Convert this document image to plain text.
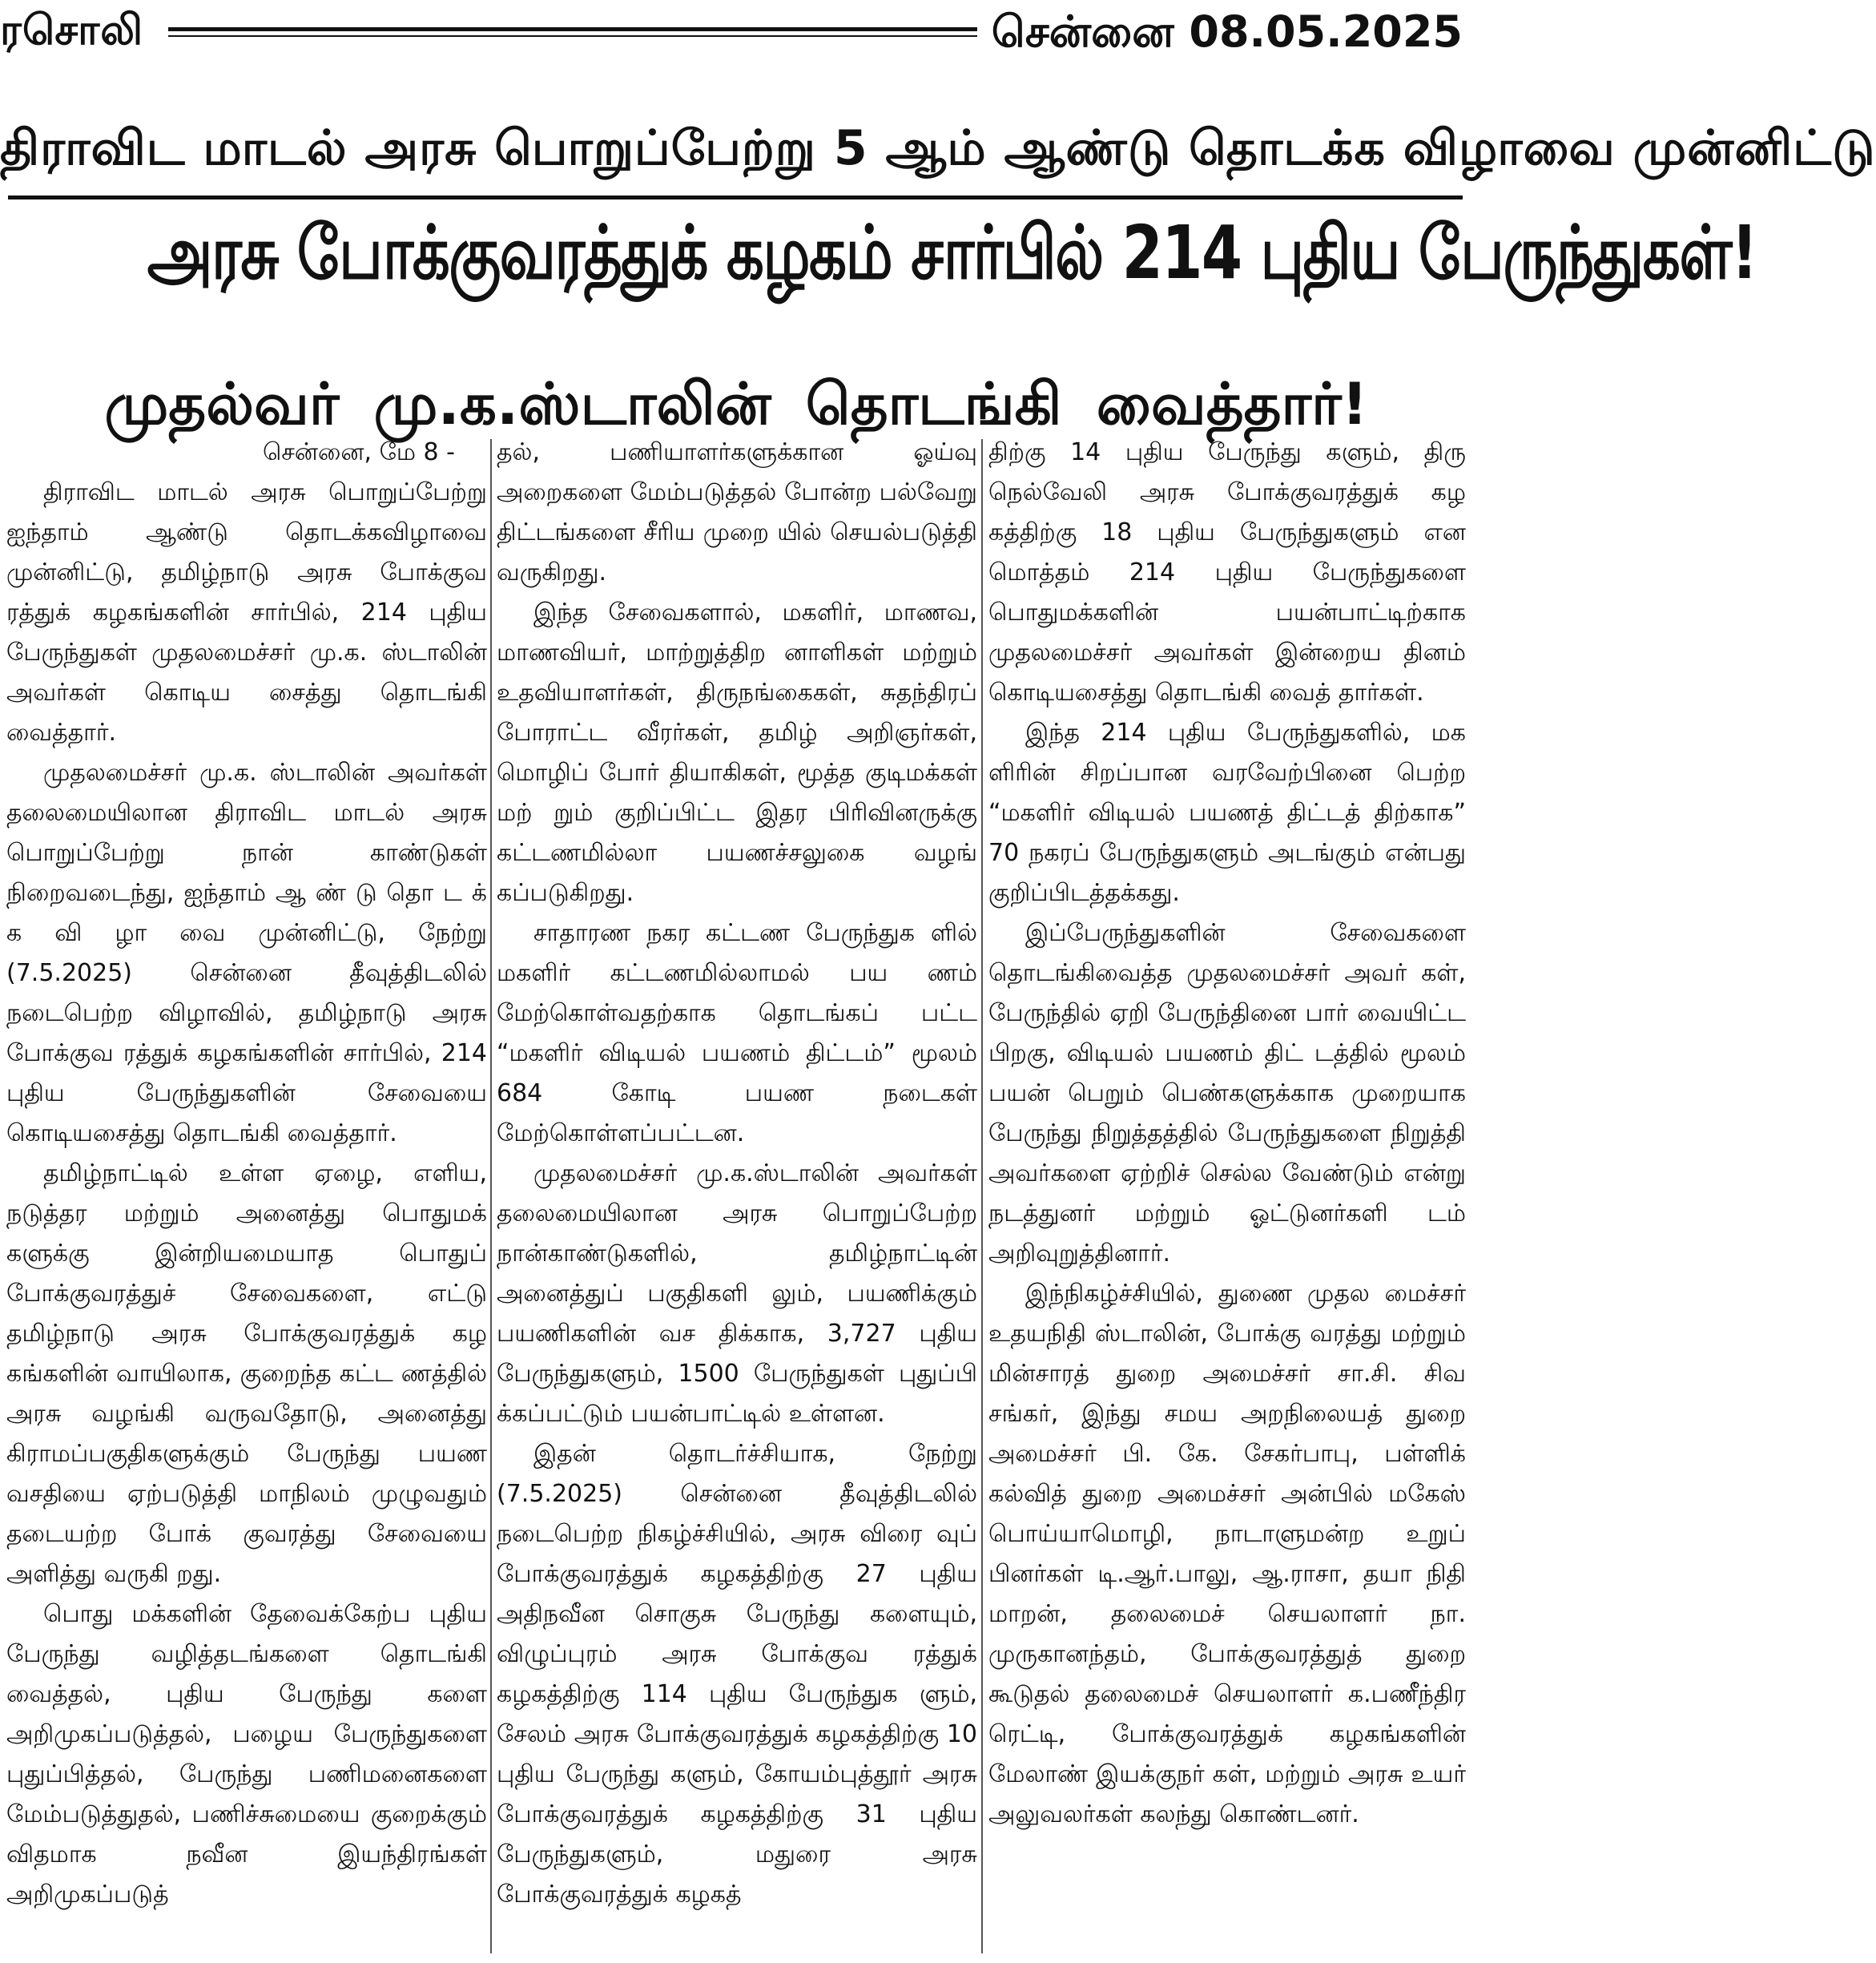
ரசொலி	சென்னை 08.05.2025
திராவிட மாடல் அரசு பொறுப்பேற்று 5 ஆம் ஆண்டு தொடக்க விழாவை முன்னிட்டு
அரசு போக்குவரத்துக் கழகம் சார்பில் 214 புதிய பேருந்துகள்!
முதல்வர் மு.க.ஸ்டாலின் தொடங்கி வைத்தார்!

சென்னை, மே 8 -

திராவிட மாடல் அரசு பொறுப்பேற்று ஐந்தாம் ஆண்டு தொடக்கவிழாவை முன்னிட்டு, தமிழ்நாடு அரசு போக்குவ ரத்துக் கழகங்களின் சார்பில், 214 புதிய பேருந்துகள் முதலமைச்சர் மு.க. ஸ்டாலின் அவர்கள் கொடிய சைத்து தொடங்கி வைத்தார்.

முதலமைச்சர் மு.க. ஸ்டாலின் அவர்கள் தலைமையிலான திராவிட மாடல் அரசு பொறுப்பேற்று நான் காண்டுகள் நிறைவடைந்து, ஐந்தாம் ஆ ண் டு தொ ட க் க வி ழா வை முன்னிட்டு, நேற்று (7.5.2025) சென்னை தீவுத்திடலில் நடைபெற்ற விழாவில், தமிழ்நாடு அரசு போக்குவ ரத்துக் கழகங்களின் சார்பில், 214 புதிய பேருந்துகளின் சேவையை கொடியசைத்து தொடங்கி வைத்தார்.

தமிழ்நாட்டில் உள்ள ஏழை, எளிய, நடுத்தர மற்றும் அனைத்து பொதுமக் களுக்கு இன்றியமையாத பொதுப் போக்குவரத்துச் சேவைகளை, எட்டு தமிழ்நாடு அரசு போக்குவரத்துக் கழ கங்களின் வாயிலாக, குறைந்த கட்ட ணத்தில் அரசு வழங்கி வருவதோடு, அனைத்து கிராமப்பகுதிகளுக்கும் பேருந்து பயண வசதியை ஏற்படுத்தி மாநிலம் முழுவதும் தடையற்ற போக் குவரத்து சேவையை அளித்து வருகி றது.

பொது மக்களின் தேவைக்கேற்ப புதிய பேருந்து வழித்தடங்களை தொடங்கி வைத்தல், புதிய பேருந்து களை அறிமுகப்படுத்தல், பழைய பேருந்துகளை புதுப்பித்தல், பேருந்து பணிமனைகளை மேம்படுத்துதல், பணிச்சுமையை குறைக்கும் விதமாக நவீன இயந்திரங்கள் அறிமுகப்படுத்

தல், பணியாளர்களுக்கான ஓய்வு அறைகளை மேம்படுத்தல் போன்ற பல்வேறு திட்டங்களை சீரிய முறை யில் செயல்படுத்தி வருகிறது.

இந்த சேவைகளால், மகளிர், மாணவ, மாணவியர், மாற்றுத்திற னாளிகள் மற்றும் உதவியாளர்கள், திருநங்கைகள், சுதந்திரப் போராட்ட வீரர்கள், தமிழ் அறிஞர்கள், மொழிப் போர் தியாகிகள், மூத்த குடிமக்கள் மற் றும் குறிப்பிட்ட இதர பிரிவினருக்கு கட்டணமில்லா பயணச்சலுகை வழங் கப்படுகிறது.

சாதாரண நகர கட்டண பேருந்துக ளில் மகளிர் கட்டணமில்லாமல் பய ணம் மேற்கொள்வதற்காக தொடங்கப் பட்ட “மகளிர் விடியல் பயணம் திட்டம்” மூலம் 684 கோடி பயண நடைகள் மேற்கொள்ளப்பட்டன.

முதலமைச்சர் மு.க.ஸ்டாலின் அவர்கள் தலைமையிலான அரசு பொறுப்பேற்ற நான்காண்டுகளில், தமிழ்நாட்டின் அனைத்துப் பகுதிகளி லும், பயணிக்கும் பயணிகளின் வச திக்காக, 3,727 புதிய பேருந்துகளும், 1500 பேருந்துகள் புதுப்பி க்கப்பட்டும் பயன்பாட்டில் உள்ளன.

இதன் தொடர்ச்சியாக, நேற்று (7.5.2025) சென்னை தீவுத்திடலில் நடைபெற்ற நிகழ்ச்சியில், அரசு விரை வுப் போக்குவரத்துக் கழகத்திற்கு 27 புதிய அதிநவீன சொகுசு பேருந்து களையும், விழுப்புரம் அரசு போக்குவ ரத்துக் கழகத்திற்கு 114 புதிய பேருந்துக ளும், சேலம் அரசு போக்குவரத்துக் கழகத்திற்கு 10 புதிய பேருந்து களும், கோயம்புத்தூர் அரசு போக்குவரத்துக் கழகத்திற்கு 31 புதிய பேருந்துகளும், மதுரை அரசு போக்குவரத்துக் கழகத்

திற்கு 14 புதிய பேருந்து களும், திரு நெல்வேலி அரசு போக்குவரத்துக் கழ கத்திற்கு 18 புதிய பேருந்துகளும் என மொத்தம் 214 புதிய பேருந்துகளை பொதுமக்களின் பயன்பாட்டிற்காக முதலமைச்சர் அவர்கள் இன்றைய தினம் கொடியசைத்து தொடங்கி வைத் தார்கள்.

இந்த 214 புதிய பேருந்துகளில், மக ளிரின் சிறப்பான வரவேற்பினை பெற்ற “மகளிர் விடியல் பயணத் திட்டத் திற்காக” 70 நகரப் பேருந்துகளும் அடங்கும் என்பது குறிப்பிடத்தக்கது.

இப்பேருந்துகளின் சேவைகளை தொடங்கிவைத்த முதலமைச்சர் அவர் கள், பேருந்தில் ஏறி பேருந்தினை பார் வையிட்ட பிறகு, விடியல் பயணம் திட் டத்தில் மூலம் பயன் பெறும் பெண்களுக்காக முறையாக பேருந்து நிறுத்தத்தில் பேருந்துகளை நிறுத்தி அவர்களை ஏற்றிச் செல்ல வேண்டும் என்று நடத்துனர் மற்றும் ஓட்டுனர்களி டம் அறிவுறுத்தினார்.

இந்நிகழ்ச்சியில், துணை முதல மைச்சர் உதயநிதி ஸ்டாலின், போக்கு வரத்து மற்றும் மின்சாரத் துறை அமைச்சர் சா.சி. சிவ சங்கர், இந்து சமய அறநிலையத் துறை அமைச்சர் பி. கே. சேகர்பாபு, பள்ளிக் கல்வித் துறை அமைச்சர் அன்பில் மகேஸ் பொய்யாமொழி, நாடாளுமன்ற உறுப் பினர்கள் டி.ஆர்.பாலு, ஆ.ராசா, தயா நிதி மாறன், தலைமைச் செயலாளர் நா. முருகானந்தம், போக்குவரத்துத் துறை கூடுதல் தலைமைச் செயலாளர் க.பணீந்திர ரெட்டி, போக்குவரத்துக் கழகங்களின் மேலாண் இயக்குநர் கள், மற்றும் அரசு உயர் அலுவலர்கள் கலந்து கொண்டனர்.
